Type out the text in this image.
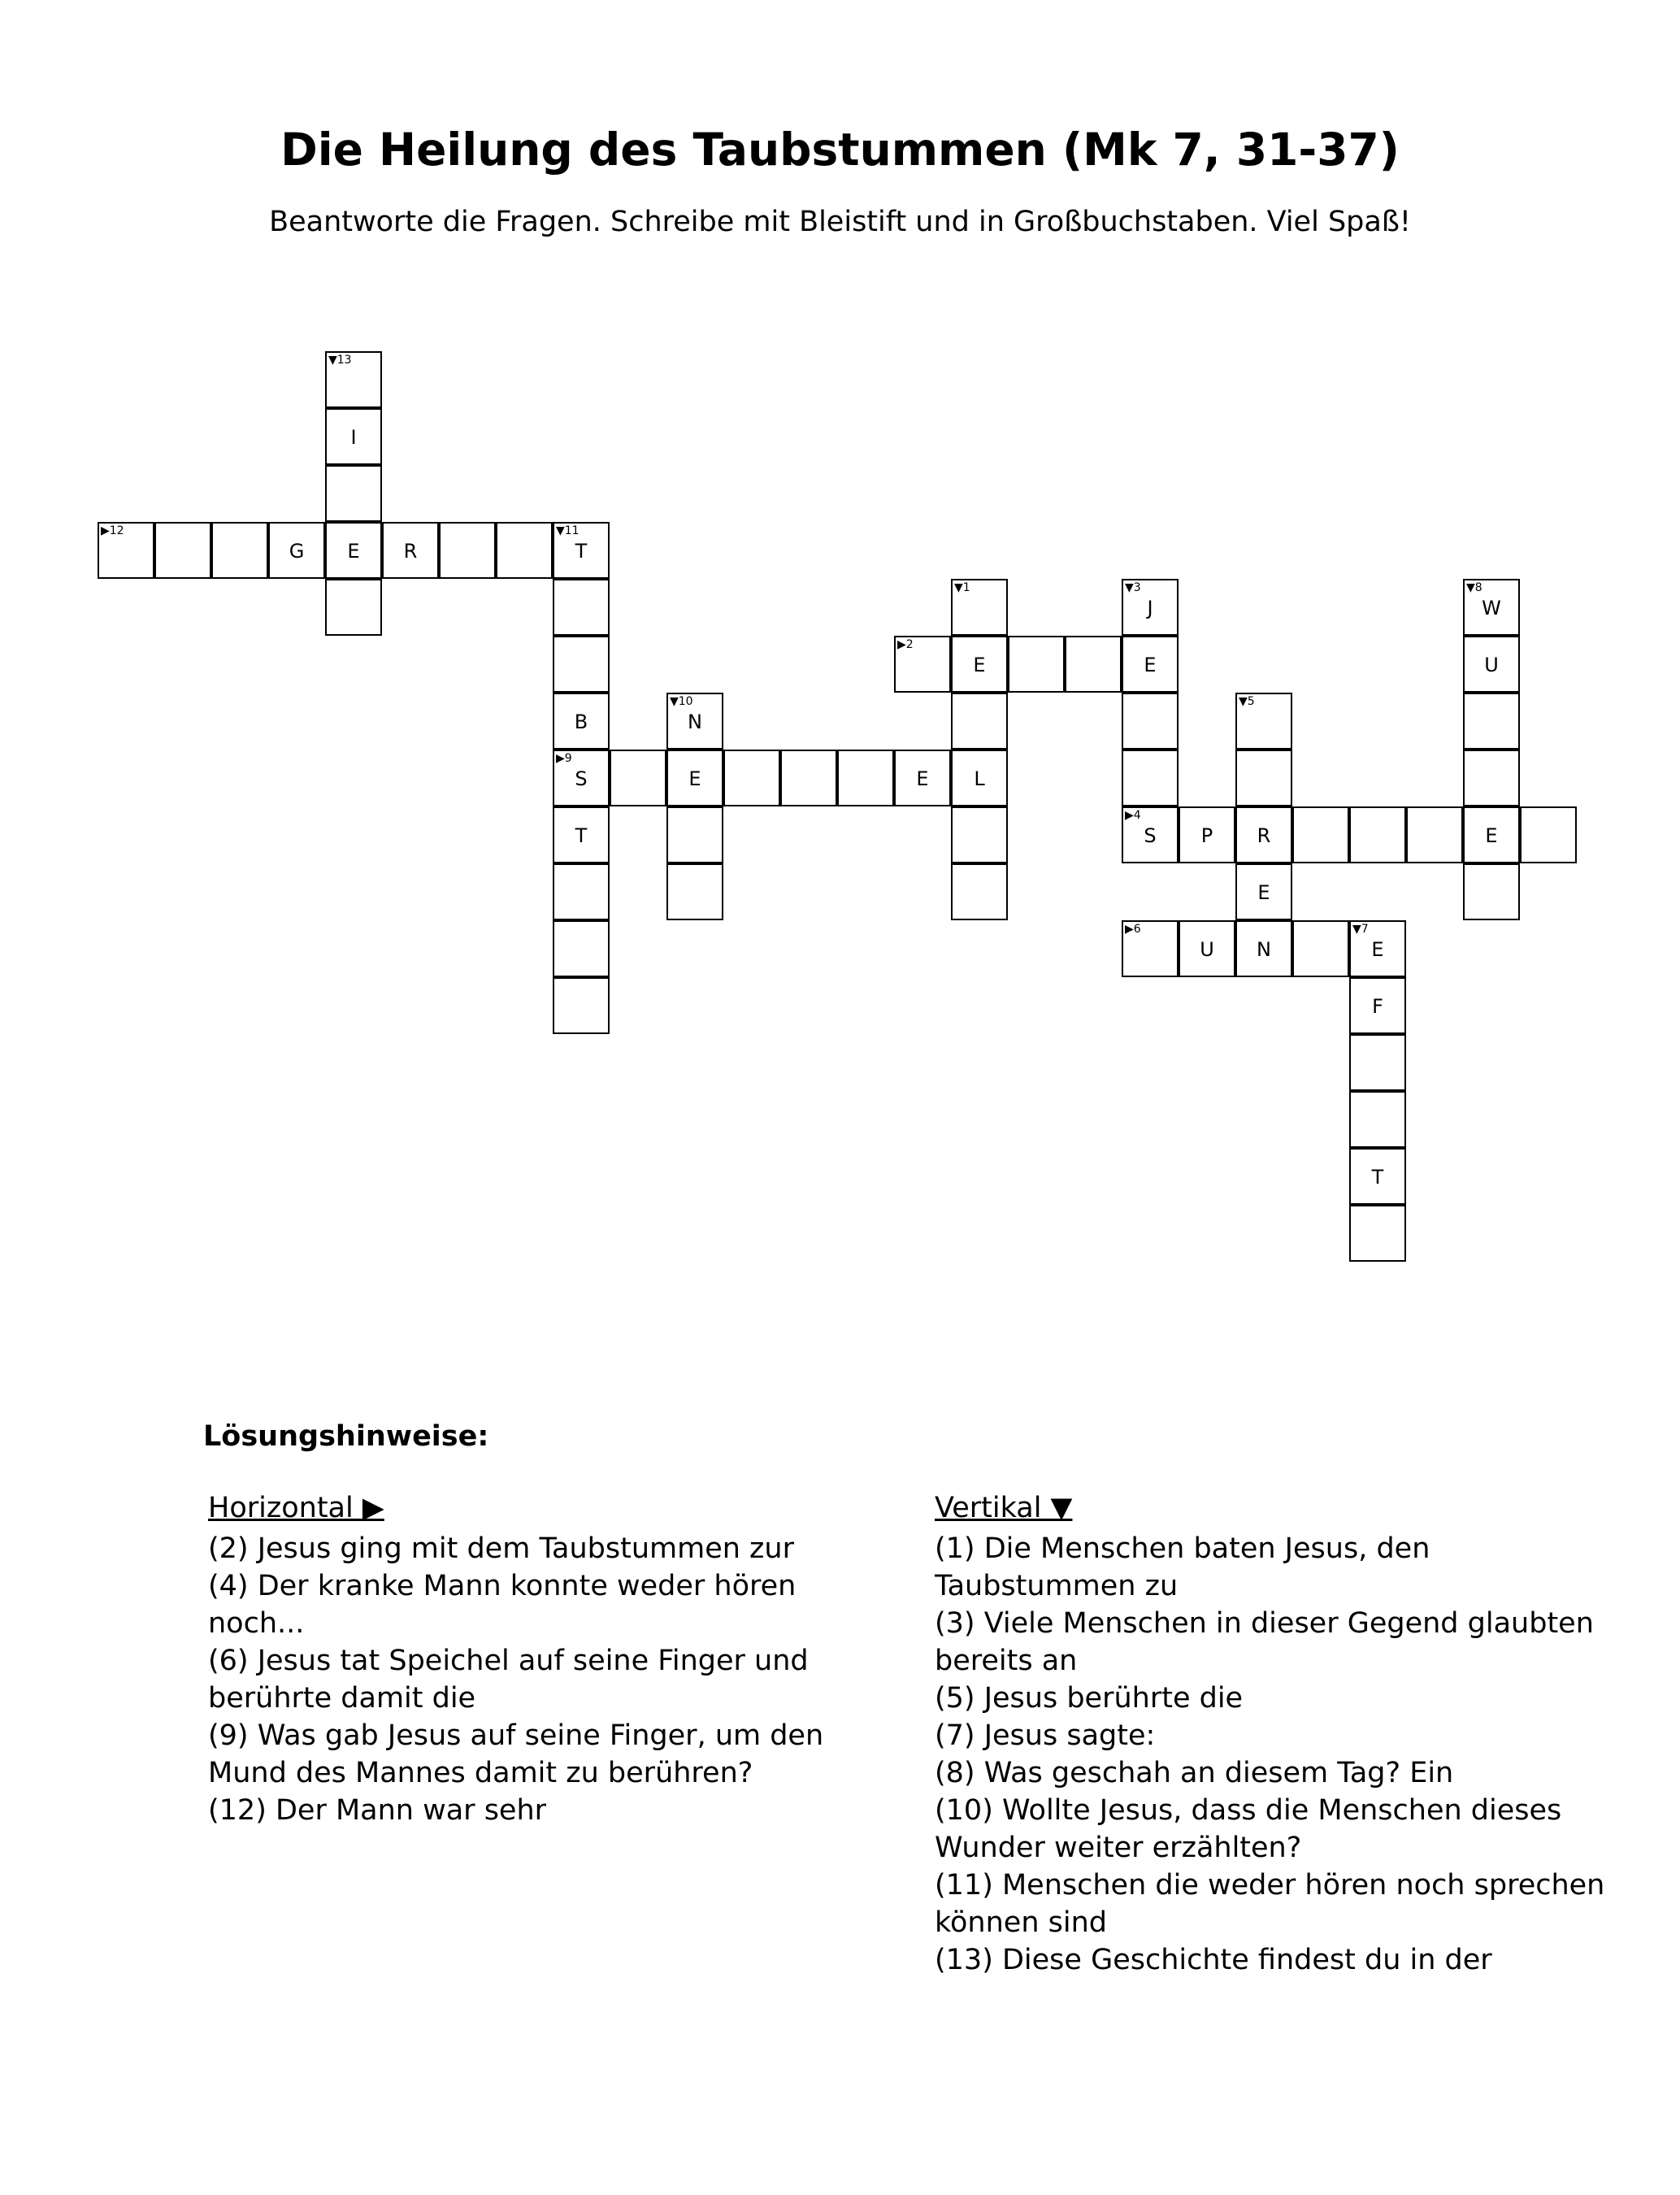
Die Heilung des Taubstummen (Mk 7, 31-37)

Beantworte die Fragen. Schreibe mit Bleistift und in Großbuchstaben. Viel Spaß!

▼13
I
▶12
G	E	R
▼11
T
B
▶9
S
T
▼10
N
E	E
▼1
▶2
E
L
▼3
J
E
▶4
S	P
▼5
R
E
▼8
W
U
E
▶6
U	N
▼7
E
F
T
Lösungshinweise:

Horizontal ▶

(2) Jesus ging mit dem Taubstummen zur

(4) Der kranke Mann konnte weder hören noch...

(6) Jesus tat Speichel auf seine Finger und berührte damit die

(9) Was gab Jesus auf seine Finger, um den Mund des Mannes damit zu berühren?

(12) Der Mann war sehr

Vertikal ▼

(1) Die Menschen baten Jesus, den Taubstummen zu

(3) Viele Menschen in dieser Gegend glaubten bereits an

(5) Jesus berührte die

(7) Jesus sagte:

(8) Was geschah an diesem Tag? Ein

(10) Wollte Jesus, dass die Menschen dieses Wunder weiter erzählten?

(11) Menschen die weder hören noch sprechen können sind

(13) Diese Geschichte findest du in der
